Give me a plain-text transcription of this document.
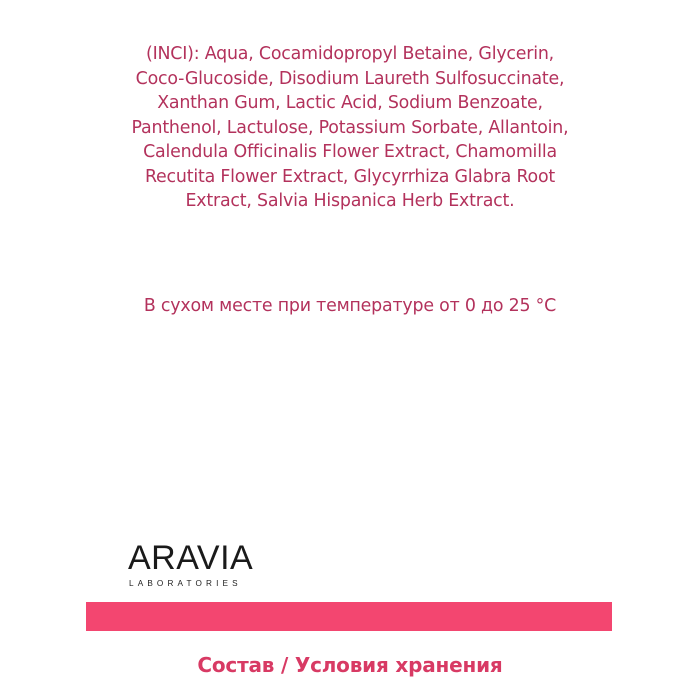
(INCI): Aqua, Cocamidopropyl Betaine, Glycerin,
Coco-Glucoside, Disodium Laureth Sulfosuccinate,
Xanthan Gum, Lactic Acid, Sodium Benzoate,
Panthenol, Lactulose, Potassium Sorbate, Allantoin,
Calendula Officinalis Flower Extract, Chamomilla
Recutita Flower Extract, Glycyrrhiza Glabra Root
Extract, Salvia Hispanica Herb Extract.
В сухом месте при температуре от 0 до 25 °C
ARAVIA
LABORATORIES
Состав / Условия хранения
